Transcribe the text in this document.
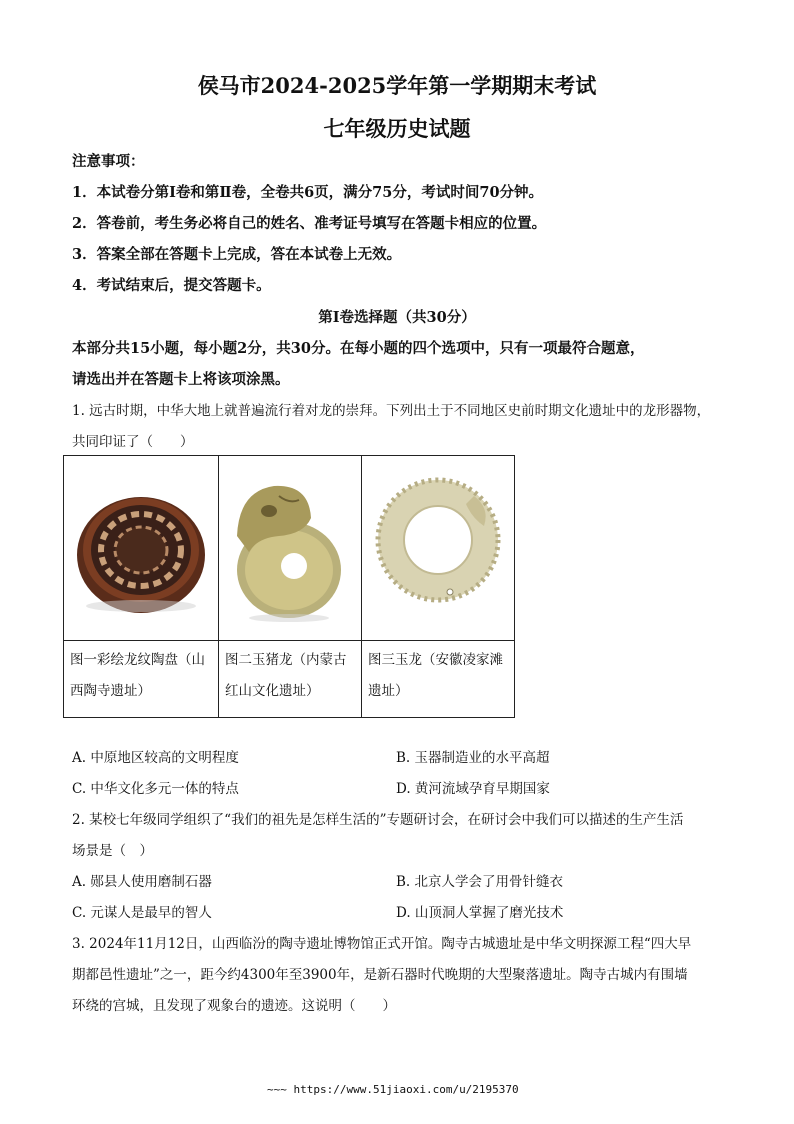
侯马市2024-2025学年第一学期期末考试
七年级历史试题
注意事项：
1．本试卷分第Ⅰ卷和第Ⅱ卷，全卷共6页，满分75分，考试时间70分钟。
2．答卷前，考生务必将自己的姓名、准考证号填写在答题卡相应的位置。
3．答案全部在答题卡上完成，答在本试卷上无效。
4．考试结束后，提交答题卡。
第Ⅰ卷选择题（共30分）
本部分共15小题，每小题2分，共30分。在每小题的四个选项中，只有一项最符合题意，
请选出并在答题卡上将该项涂黑。
1. 远古时期，中华大地上就普遍流行着对龙的崇拜。下列出土于不同地区史前时期文化遗址中的龙形器物，
共同印证了（　　）

图一彩绘龙纹陶盘（山西陶寺遗址）	图二玉猪龙（内蒙古红山文化遗址）	图三玉龙（安徽凌家滩遗址）
A. 中原地区较高的文明程度	B. 玉器制造业的水平高超
C. 中华文化多元一体的特点	D. 黄河流域孕育早期国家
2. 某校七年级同学组织了“我们的祖先是怎样生活的”专题研讨会，在研讨会中我们可以描述的生产生活
场景是（　）
A. 郧县人使用磨制石器	B. 北京人学会了用骨针缝衣
C. 元谋人是最早的智人	D. 山顶洞人掌握了磨光技术
3. 2024年11月12日，山西临汾的陶寺遗址博物馆正式开馆。陶寺古城遗址是中华文明探源工程“四大早
期都邑性遗址”之一，距今约4300年至3900年，是新石器时代晚期的大型聚落遗址。陶寺古城内有围墙
环绕的宫城，且发现了观象台的遗迹。这说明（　　）
~~~ https://www.51jiaoxi.com/u/2195370
